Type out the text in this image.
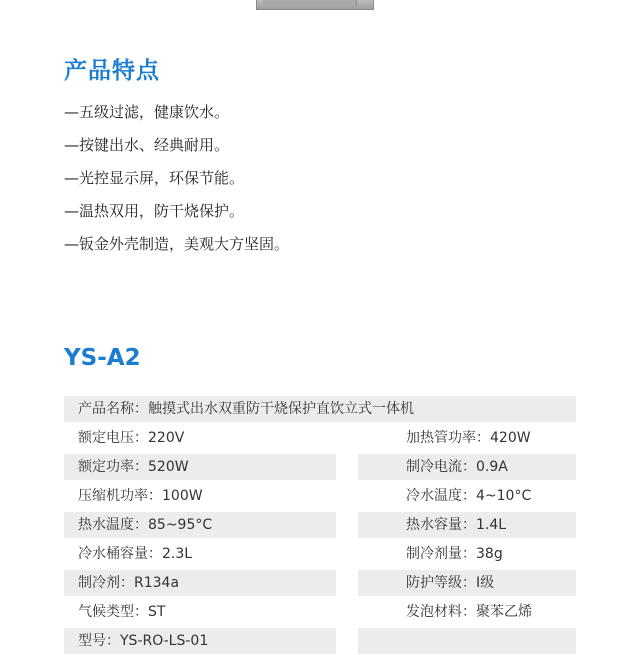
产品特点
—五级过滤，健康饮水。
—按键出水、经典耐用。
—光控显示屏，环保节能。
—温热双用，防干烧保护。
—钣金外壳制造，美观大方坚固。
YS-A2
产品名称：触摸式出水双重防干烧保护直饮立式一体机
额定电压：220V	加热管功率：420W
额定功率：520W	制冷电流：0.9A
压缩机功率：100W	冷水温度：4~10°C
热水温度：85~95°C	热水容量：1.4L
冷水桶容量：2.3L	制冷剂量：38g
制冷剂：R134a	防护等级：I级
气候类型：ST	发泡材料：聚苯乙烯
型号：YS-RO-LS-01
